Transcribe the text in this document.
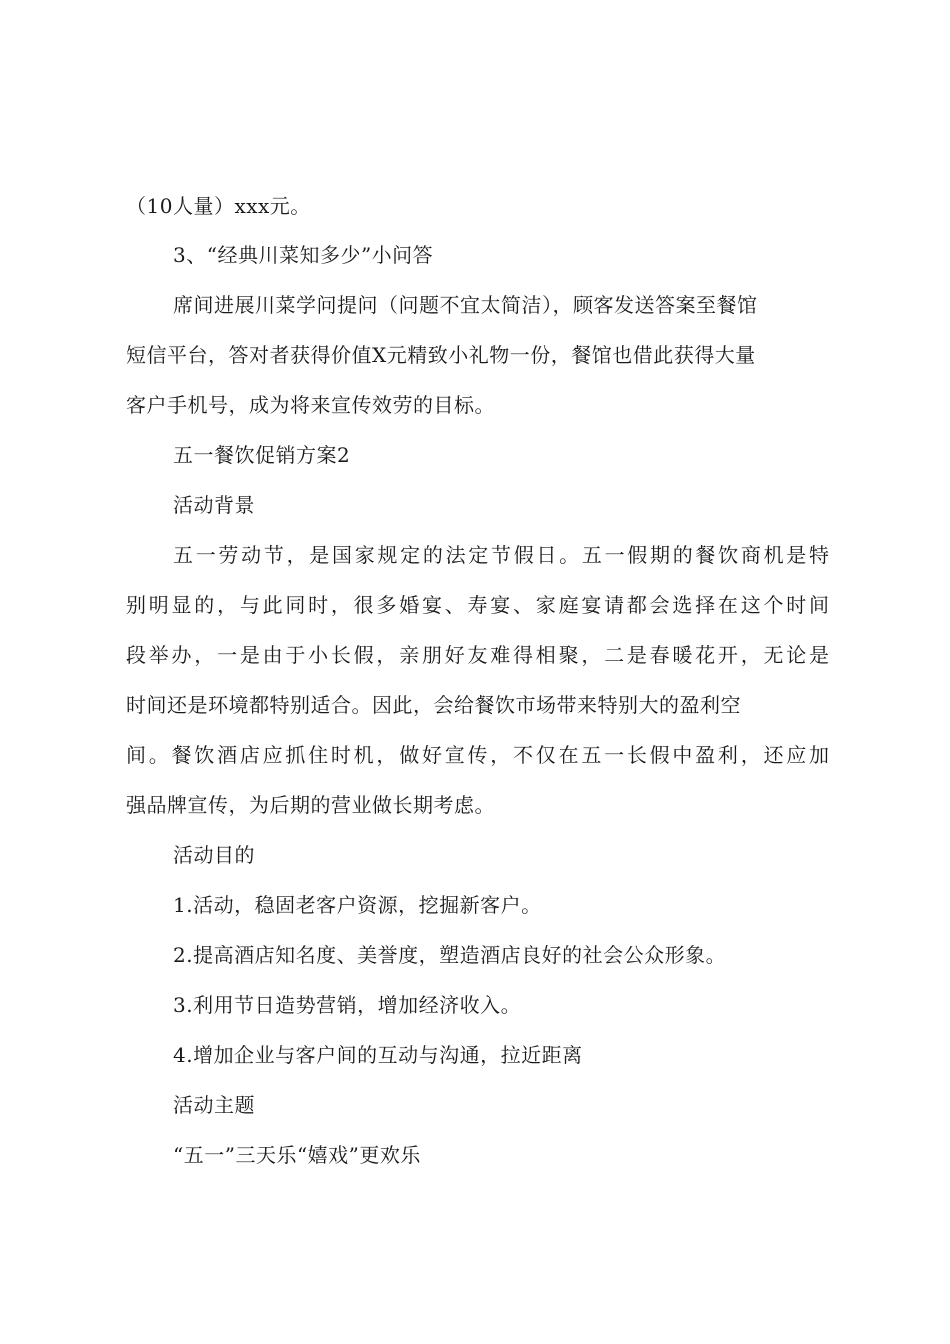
（10人量）xxx元。
3、“经典川菜知多少”小问答
席间进展川菜学问提问（问题不宜太简洁），顾客发送答案至餐馆
短信平台，答对者获得价值X元精致小礼物一份，餐馆也借此获得大量
客户手机号，成为将来宣传效劳的目标。
五一餐饮促销方案2
活动背景
五一劳动节，是国家规定的法定节假日。五一假期的餐饮商机是特
别明显的，与此同时，很多婚宴、寿宴、家庭宴请都会选择在这个时间
段举办，一是由于小长假，亲朋好友难得相聚，二是春暖花开，无论是
时间还是环境都特别适合。因此，会给餐饮市场带来特别大的盈利空
间。餐饮酒店应抓住时机，做好宣传，不仅在五一长假中盈利，还应加
强品牌宣传，为后期的营业做长期考虑。
活动目的
1.活动，稳固老客户资源，挖掘新客户。
2.提高酒店知名度、美誉度，塑造酒店良好的社会公众形象。
3.利用节日造势营销，增加经济收入。
4.增加企业与客户间的互动与沟通，拉近距离
活动主题
“五一”三天乐“嬉戏”更欢乐
